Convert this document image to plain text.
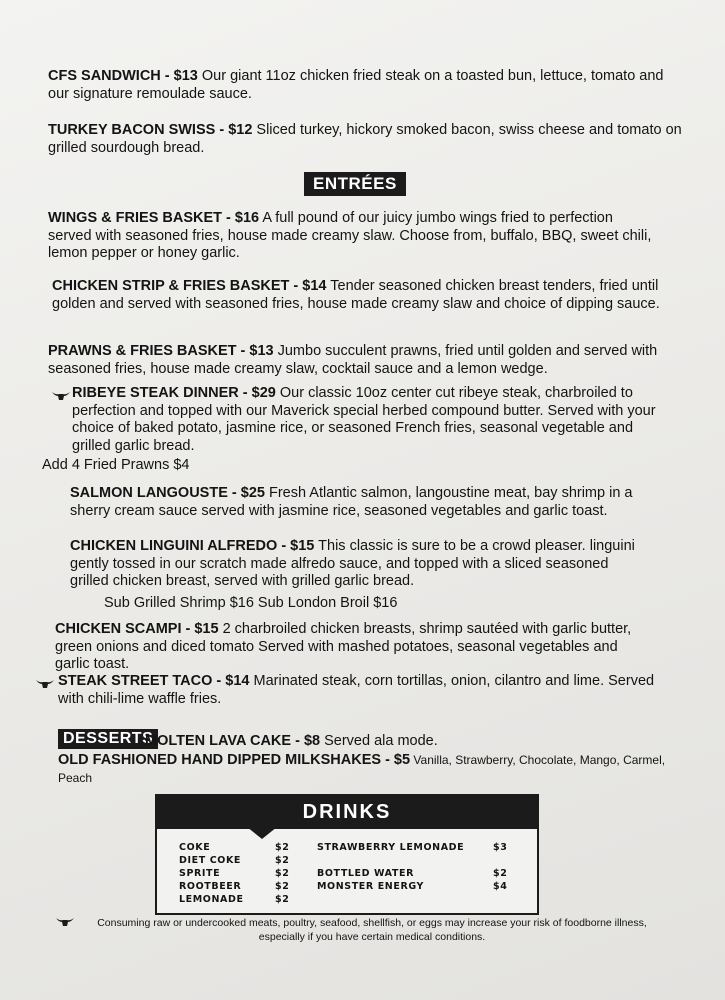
CFS SANDWICH - $13 Our giant 11oz chicken fried steak on a toasted bun, lettuce, tomato and our signature remoulade sauce.
TURKEY BACON SWISS - $12 Sliced turkey, hickory smoked bacon, swiss cheese and tomato on grilled sourdough bread.
ENTRÉES
WINGS & FRIES BASKET - $16 A full pound of our juicy jumbo wings fried to perfection served with seasoned fries, house made creamy slaw. Choose from, buffalo, BBQ, sweet chili, lemon pepper or honey garlic.
CHICKEN STRIP & FRIES BASKET - $14 Tender seasoned chicken breast tenders, fried until golden and served with seasoned fries, house made creamy slaw and choice of dipping sauce.
PRAWNS & FRIES BASKET - $13 Jumbo succulent prawns, fried until golden and served with seasoned fries, house made creamy slaw, cocktail sauce and a lemon wedge.
RIBEYE STEAK DINNER - $29 Our classic 10oz center cut ribeye steak, charbroiled to perfection and topped with our Maverick special herbed compound butter. Served with your choice of baked potato, jasmine rice, or seasoned French fries, seasonal vegetable and grilled garlic bread.
Add 4 Fried Prawns $4
SALMON LANGOUSTE - $25 Fresh Atlantic salmon, langoustine meat, bay shrimp in a sherry cream sauce served with jasmine rice, seasoned vegetables and garlic toast.
CHICKEN LINGUINI ALFREDO - $15 This classic is sure to be a crowd pleaser. linguini gently tossed in our scratch made alfredo sauce, and topped with a sliced seasoned grilled chicken breast, served with grilled garlic bread.
Sub Grilled Shrimp $16 Sub London Broil $16
CHICKEN SCAMPI - $15 2 charbroiled chicken breasts, shrimp sautéed with garlic butter, green onions and diced tomato Served with mashed potatoes, seasonal vegetables and garlic toast.
STEAK STREET TACO - $14 Marinated steak, corn tortillas, onion, cilantro and lime. Served with chili-lime waffle fries.
DESSERTS
MOLTEN LAVA CAKE - $8 Served ala mode.
OLD FASHIONED HAND DIPPED MILKSHAKES - $5 Vanilla, Strawberry, Chocolate, Mango, Carmel, Peach
DRINKS
COKE	$2
DIET COKE	$2
SPRITE	$2
ROOTBEER	$2
LEMONADE	$2
STRAWBERRY LEMONADE	$3
BOTTLED WATER	$2
MONSTER ENERGY	$4
Consuming raw or undercooked meats, poultry, seafood, shellfish, or eggs may increase your risk of foodborne illness,
especially if you have certain medical conditions.
